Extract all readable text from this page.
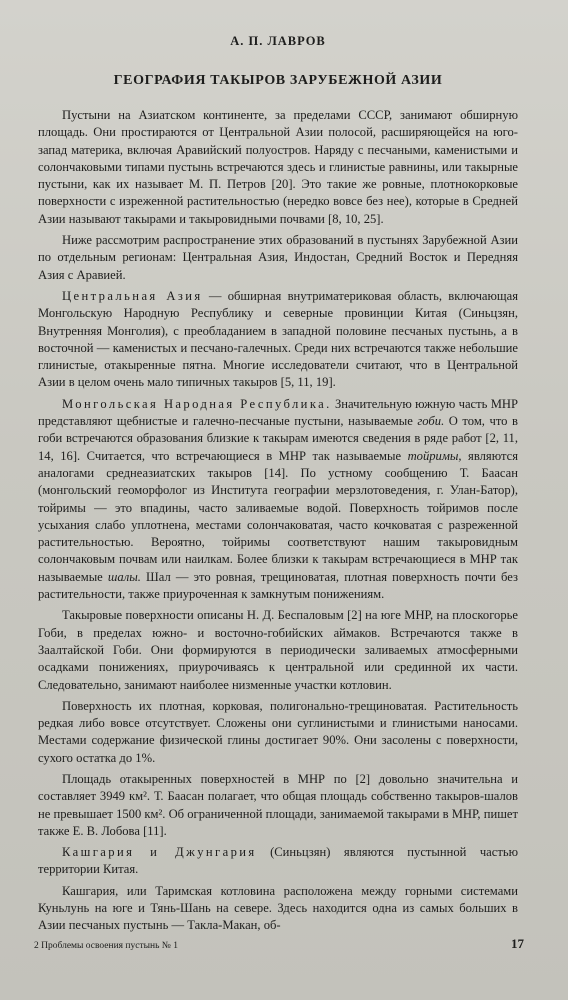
А. П. ЛАВРОВ
ГЕОГРАФИЯ ТАКЫРОВ ЗАРУБЕЖНОЙ АЗИИ

Пустыни на Азиатском континенте, за пределами СССР, занимают обширную площадь. Они простираются от Центральной Азии полосой, расширяющейся на юго-запад материка, включая Аравийский полуостров. Наряду с песчаными, каменистыми и солончаковыми типами пустынь встречаются здесь и глинистые равнины, или такырные пустыни, как их называет М. П. Петров [20]. Это такие же ровные, плотнокорковые поверхности с изреженной растительностью (нередко вовсе без нее), которые в Средней Азии называют такырами и такыровидными почвами [8, 10, 25].

Ниже рассмотрим распространение этих образований в пустынях Зарубежной Азии по отдельным регионам: Центральная Азия, Индостан, Средний Восток и Передняя Азия с Аравией.

Центральная Азия — обширная внутриматериковая область, включающая Монгольскую Народную Республику и северные провинции Китая (Синьцзян, Внутренняя Монголия), с преобладанием в западной половине песчаных пустынь, а в восточной — каменистых и песчано-галечных. Среди них встречаются также небольшие глинистые, отакыренные пятна. Многие исследователи считают, что в Центральной Азии в целом очень мало типичных такыров [5, 11, 19].

Монгольская Народная Республика. Значительную южную часть МНР представляют щебнистые и галечно-песчаные пустыни, называемые гоби. О том, что в гоби встречаются образования близкие к такырам имеются сведения в ряде работ [2, 11, 14, 16]. Считается, что встречающиеся в МНР так называемые тойримы, являются аналогами среднеазиатских такыров [14]. По устному сообщению Т. Баасан (монгольский геоморфолог из Института географии мерзлотоведения, г. Улан-Батор), тойримы — это впадины, часто заливаемые водой. Поверхность тойримов после усыхания слабо уплотнена, местами солончаковатая, часто кочковатая с разреженной растительностью. Вероятно, тойримы соответствуют нашим такыровидным солончаковым почвам или наилкам. Более близки к такырам встречающиеся в МНР так называемые шалы. Шал — это ровная, трещиноватая, плотная поверхность почти без растительности, также приуроченная к замкнутым понижениям.

Такыровые поверхности описаны Н. Д. Беспаловым [2] на юге МНР, на плоскогорье Гоби, в пределах южно- и восточно-гобийских аймаков. Встречаются также в Заалтайской Гоби. Они формируются в периодически заливаемых атмосферными осадками понижениях, приурочиваясь к центральной или срединной их части. Следовательно, занимают наиболее низменные участки котловин.

Поверхность их плотная, корковая, полигонально-трещиноватая. Растительность редкая либо вовсе отсутствует. Сложены они суглинистыми и глинистыми наносами. Местами содержание физической глины достигает 90%. Они засолены с поверхности, сухого остатка до 1%.

Площадь отакыренных поверхностей в МНР по [2] довольно значительна и составляет 3949 км². Т. Баасан полагает, что общая площадь собственно такыров-шалов не превышает 1500 км². Об ограниченной площади, занимаемой такырами в МНР, пишет также Е. В. Лобова [11].

Кашгария и Джунгария (Синьцзян) являются пустынной частью территории Китая.

Кашгария, или Таримская котловина расположена между горными системами Куньлунь на юге и Тянь-Шань на севере. Здесь находится одна из самых больших в Азии песчаных пустынь — Такла-Макан, об-

2 Проблемы освоения пустынь № 1	17
